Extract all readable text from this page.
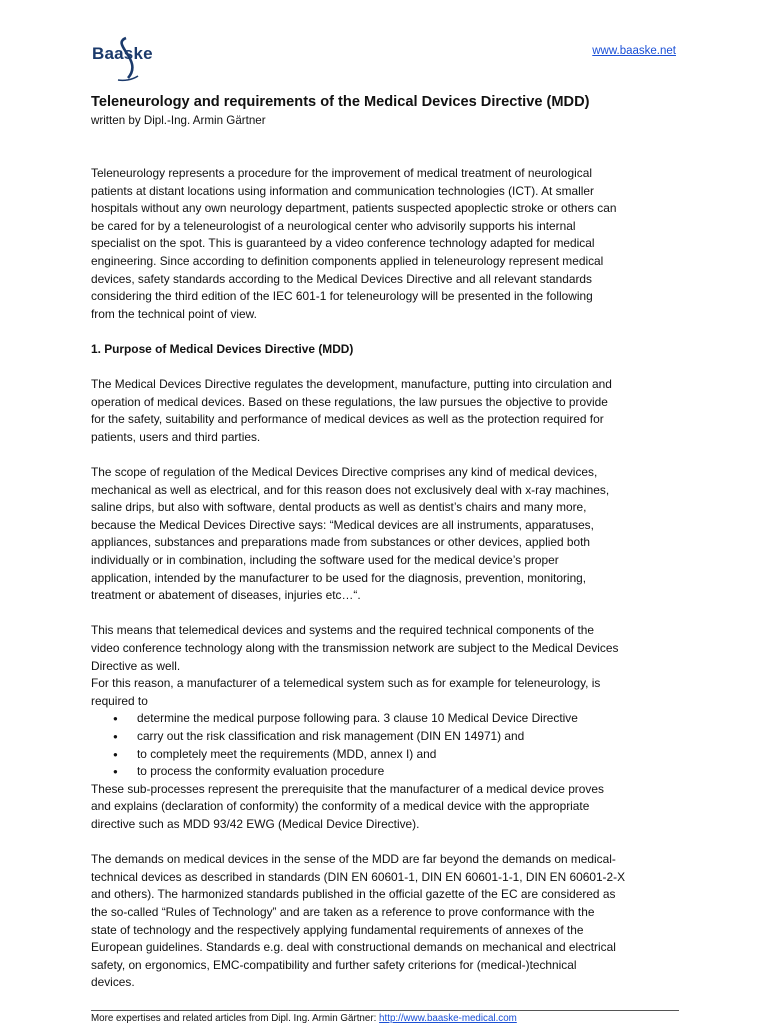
Baaske	www.baaske.net
Teleneurology and requirements of the Medical Devices Directive (MDD)
written by Dipl.-Ing. Armin Gärtner

Teleneurology represents a procedure for the improvement of medical treatment of neurological
patients at distant locations using information and communication technologies (ICT). At smaller
hospitals without any own neurology department, patients suspected apoplectic stroke or others can
be cared for by a teleneurologist of a neurological center who advisorily supports his internal
specialist on the spot. This is guaranteed by a video conference technology adapted for medical
engineering. Since according to definition components applied in teleneurology represent medical
devices, safety standards according to the Medical Devices Directive and all relevant standards
considering the third edition of the IEC 601-1 for teleneurology will be presented in the following
from the technical point of view.

1. Purpose of Medical Devices Directive (MDD)

The Medical Devices Directive regulates the development, manufacture, putting into circulation and
operation of medical devices. Based on these regulations, the law pursues the objective to provide
for the safety, suitability and performance of medical devices as well as the protection required for
patients, users and third parties.

The scope of regulation of the Medical Devices Directive comprises any kind of medical devices,
mechanical as well as electrical, and for this reason does not exclusively deal with x-ray machines,
saline drips, but also with software, dental products as well as dentist’s chairs and many more,
because the Medical Devices Directive says: “Medical devices are all instruments, apparatuses,
appliances, substances and preparations made from substances or other devices, applied both
individually or in combination, including the software used for the medical device’s proper
application, intended by the manufacturer to be used for the diagnosis, prevention, monitoring,
treatment or abatement of diseases, injuries etc…“.

This means that telemedical devices and systems and the required technical components of the
video conference technology along with the transmission network are subject to the Medical Devices
Directive as well.
For this reason, a manufacturer of a telemedical system such as for example for teleneurology, is
required to

● determine the medical purpose following para. 3 clause 10 Medical Device Directive
● carry out the risk classification and risk management (DIN EN 14971) and
● to completely meet the requirements (MDD, annex I) and
● to process the conformity evaluation procedure

These sub-processes represent the prerequisite that the manufacturer of a medical device proves
and explains (declaration of conformity) the conformity of a medical device with the appropriate
directive such as MDD 93/42 EWG (Medical Device Directive).

The demands on medical devices in the sense of the MDD are far beyond the demands on medical-
technical devices as described in standards (DIN EN 60601-1, DIN EN 60601-1-1, DIN EN 60601-2-X
and others). The harmonized standards published in the official gazette of the EC are considered as
the so-called “Rules of Technology” and are taken as a reference to prove conformance with the
state of technology and the respectively applying fundamental requirements of annexes of the
European guidelines. Standards e.g. deal with constructional demands on mechanical and electrical
safety, on ergonomics, EMC-compatibility and further safety criterions for (medical-)technical
devices.

More expertises and related articles from Dipl. Ing. Armin Gärtner: http://www.baaske-medical.com
